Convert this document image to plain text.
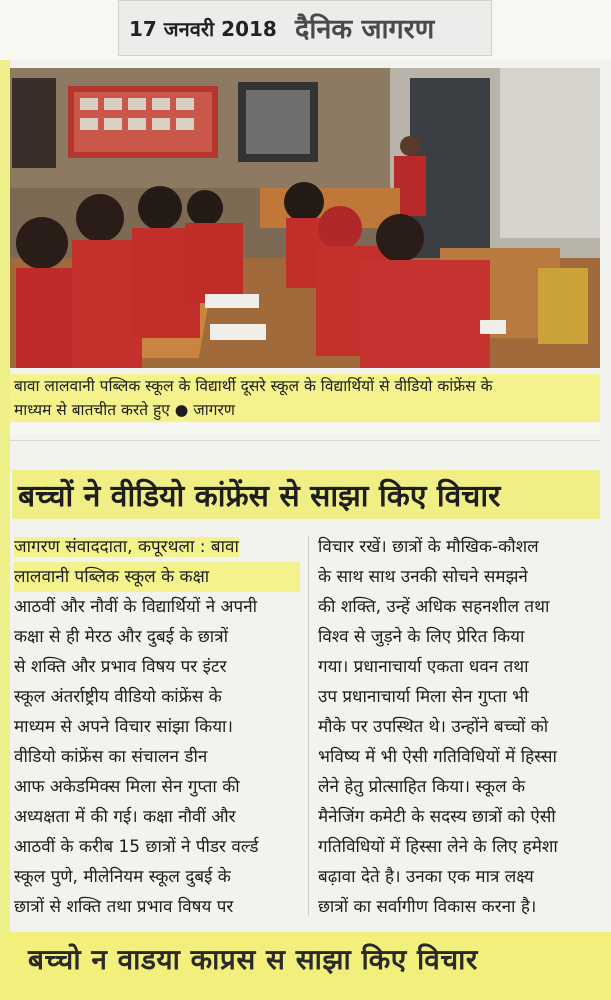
17 जनवरी 2018 दैनिक जागरण
बावा लालवानी पब्लिक स्कूल के विद्यार्थी दूसरे स्कूल के विद्यार्थियों से वीडियो कांफ्रेंस के
माध्यम से बातचीत करते हुए ● जागरण
बच्चों ने वीडियो कांफ्रेंस से साझा किए विचार
जागरण संवाददाता, कपूरथला : बावा
लालवानी पब्लिक स्कूल के कक्षा
आठवीं और नौवीं के विद्यार्थियों ने अपनी
कक्षा से ही मेरठ और दुबई के छात्रों
से शक्ति और प्रभाव विषय पर इंटर
स्कूल अंतर्राष्ट्रीय वीडियो कांफ्रेंस के
माध्यम से अपने विचार सांझा किया।
वीडियो कांफ्रेंस का संचालन डीन
आफ अकेडमिक्स मिला सेन गुप्ता की
अध्यक्षता में की गई। कक्षा नौवीं और
आठवीं के करीब 15 छात्रों ने पीडर वर्ल्ड
स्कूल पुणे, मीलेनियम स्कूल दुबई के
छात्रों से शक्ति तथा प्रभाव विषय पर
विचार रखें। छात्रों के मौखिक-कौशल
के साथ साथ उनकी सोचने समझने
की शक्ति, उन्हें अधिक सहनशील तथा
विश्व से जुड़ने के लिए प्रेरित किया
गया। प्रधानाचार्या एकता धवन तथा
उप प्रधानाचार्या मिला सेन गुप्ता भी
मौके पर उपस्थित थे। उन्होंने बच्चों को
भविष्य में भी ऐसी गतिविधियों में हिस्सा
लेने हेतु प्रोत्साहित किया। स्कूल के
मैनेजिंग कमेटी के सदस्य छात्रों को ऐसी
गतिविधियों में हिस्सा लेने के लिए हमेशा
बढ़ावा देते है। उनका एक मात्र लक्ष्य
छात्रों का सर्वागीण विकास करना है।
बच्चो न वाडया काप्रस स साझा किए विचार
